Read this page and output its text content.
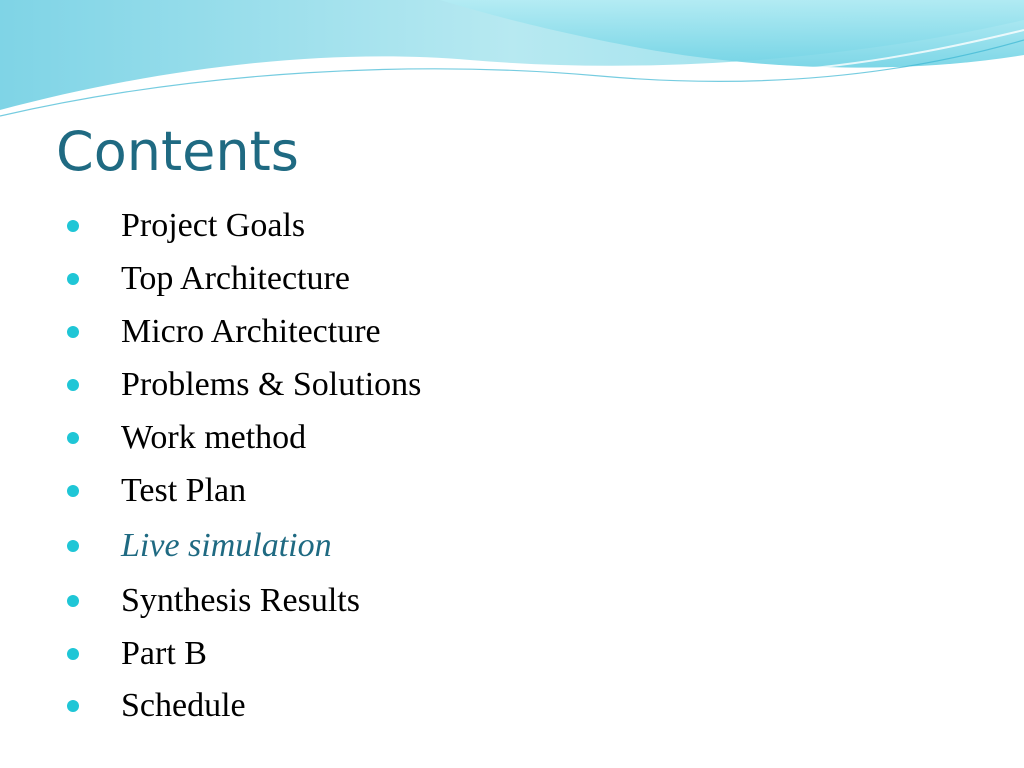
Contents
Project Goals
Top Architecture
Micro Architecture
Problems & Solutions
Work method
Test Plan
Live simulation
Synthesis Results
Part B
Schedule
